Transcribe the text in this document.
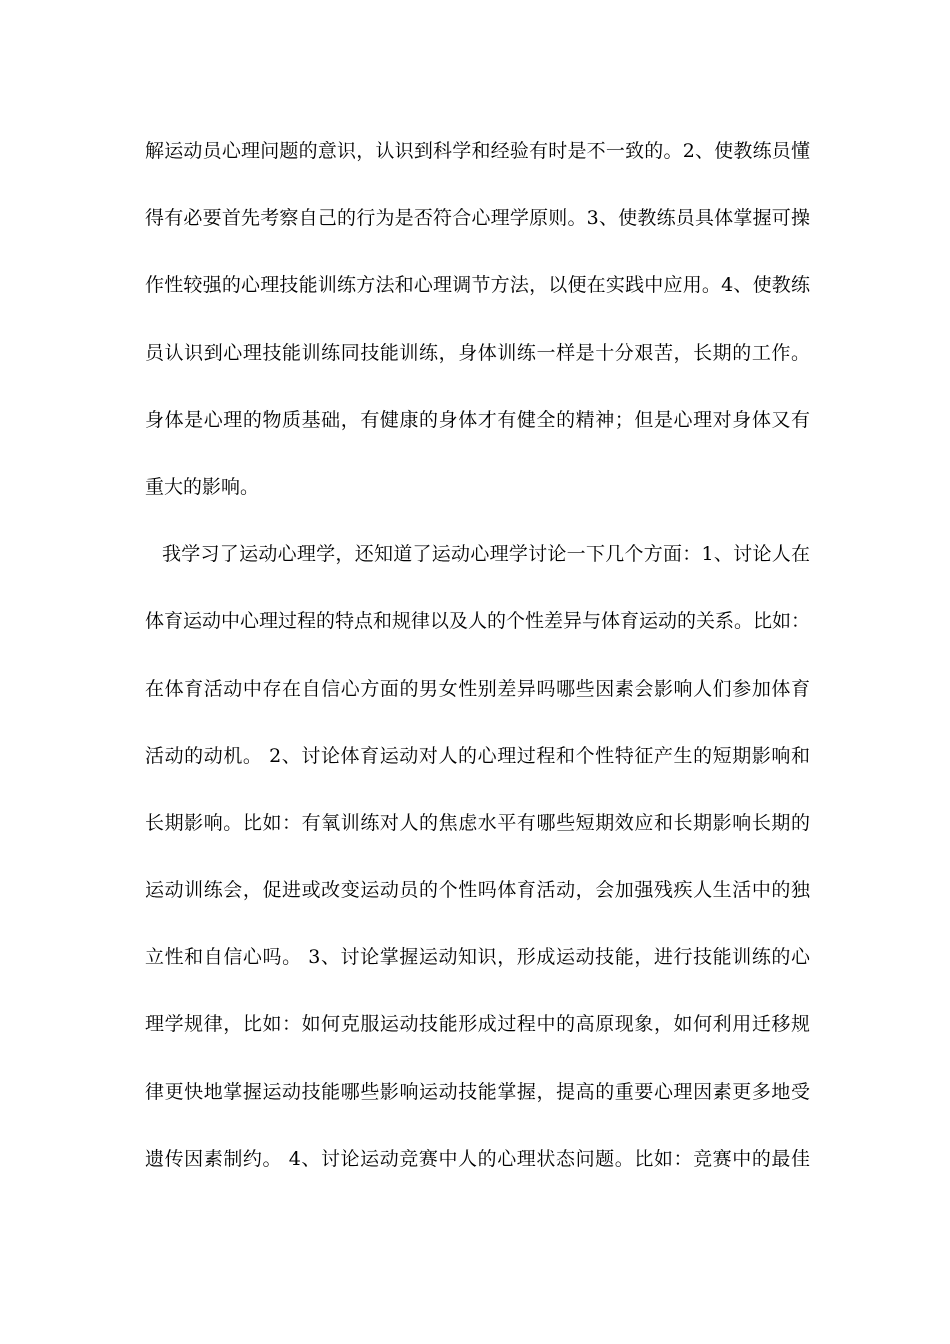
解运动员心理问题的意识，认识到科学和经验有时是不一致的。2、使教练员懂
得有必要首先考察自己的行为是否符合心理学原则。3、使教练员具体掌握可操
作性较强的心理技能训练方法和心理调节方法，以便在实践中应用。4、使教练
员认识到心理技能训练同技能训练，身体训练一样是十分艰苦，长期的工作。
身体是心理的物质基础，有健康的身体才有健全的精神；但是心理对身体又有
重大的影响。
我学习了运动心理学，还知道了运动心理学讨论一下几个方面：1、讨论人在
体育运动中心理过程的特点和规律以及人的个性差异与体育运动的关系。比如：
在体育活动中存在自信心方面的男女性别差异吗哪些因素会影响人们参加体育
活动的动机。 2、讨论体育运动对人的心理过程和个性特征产生的短期影响和
长期影响。比如：有氧训练对人的焦虑水平有哪些短期效应和长期影响长期的
运动训练会，促进或改变运动员的个性吗体育活动，会加强残疾人生活中的独
立性和自信心吗。 3、讨论掌握运动知识，形成运动技能，进行技能训练的心
理学规律，比如：如何克服运动技能形成过程中的高原现象，如何利用迁移规
律更快地掌握运动技能哪些影响运动技能掌握，提高的重要心理因素更多地受
遗传因素制约。 4、讨论运动竞赛中人的心理状态问题。比如：竞赛中的最佳
